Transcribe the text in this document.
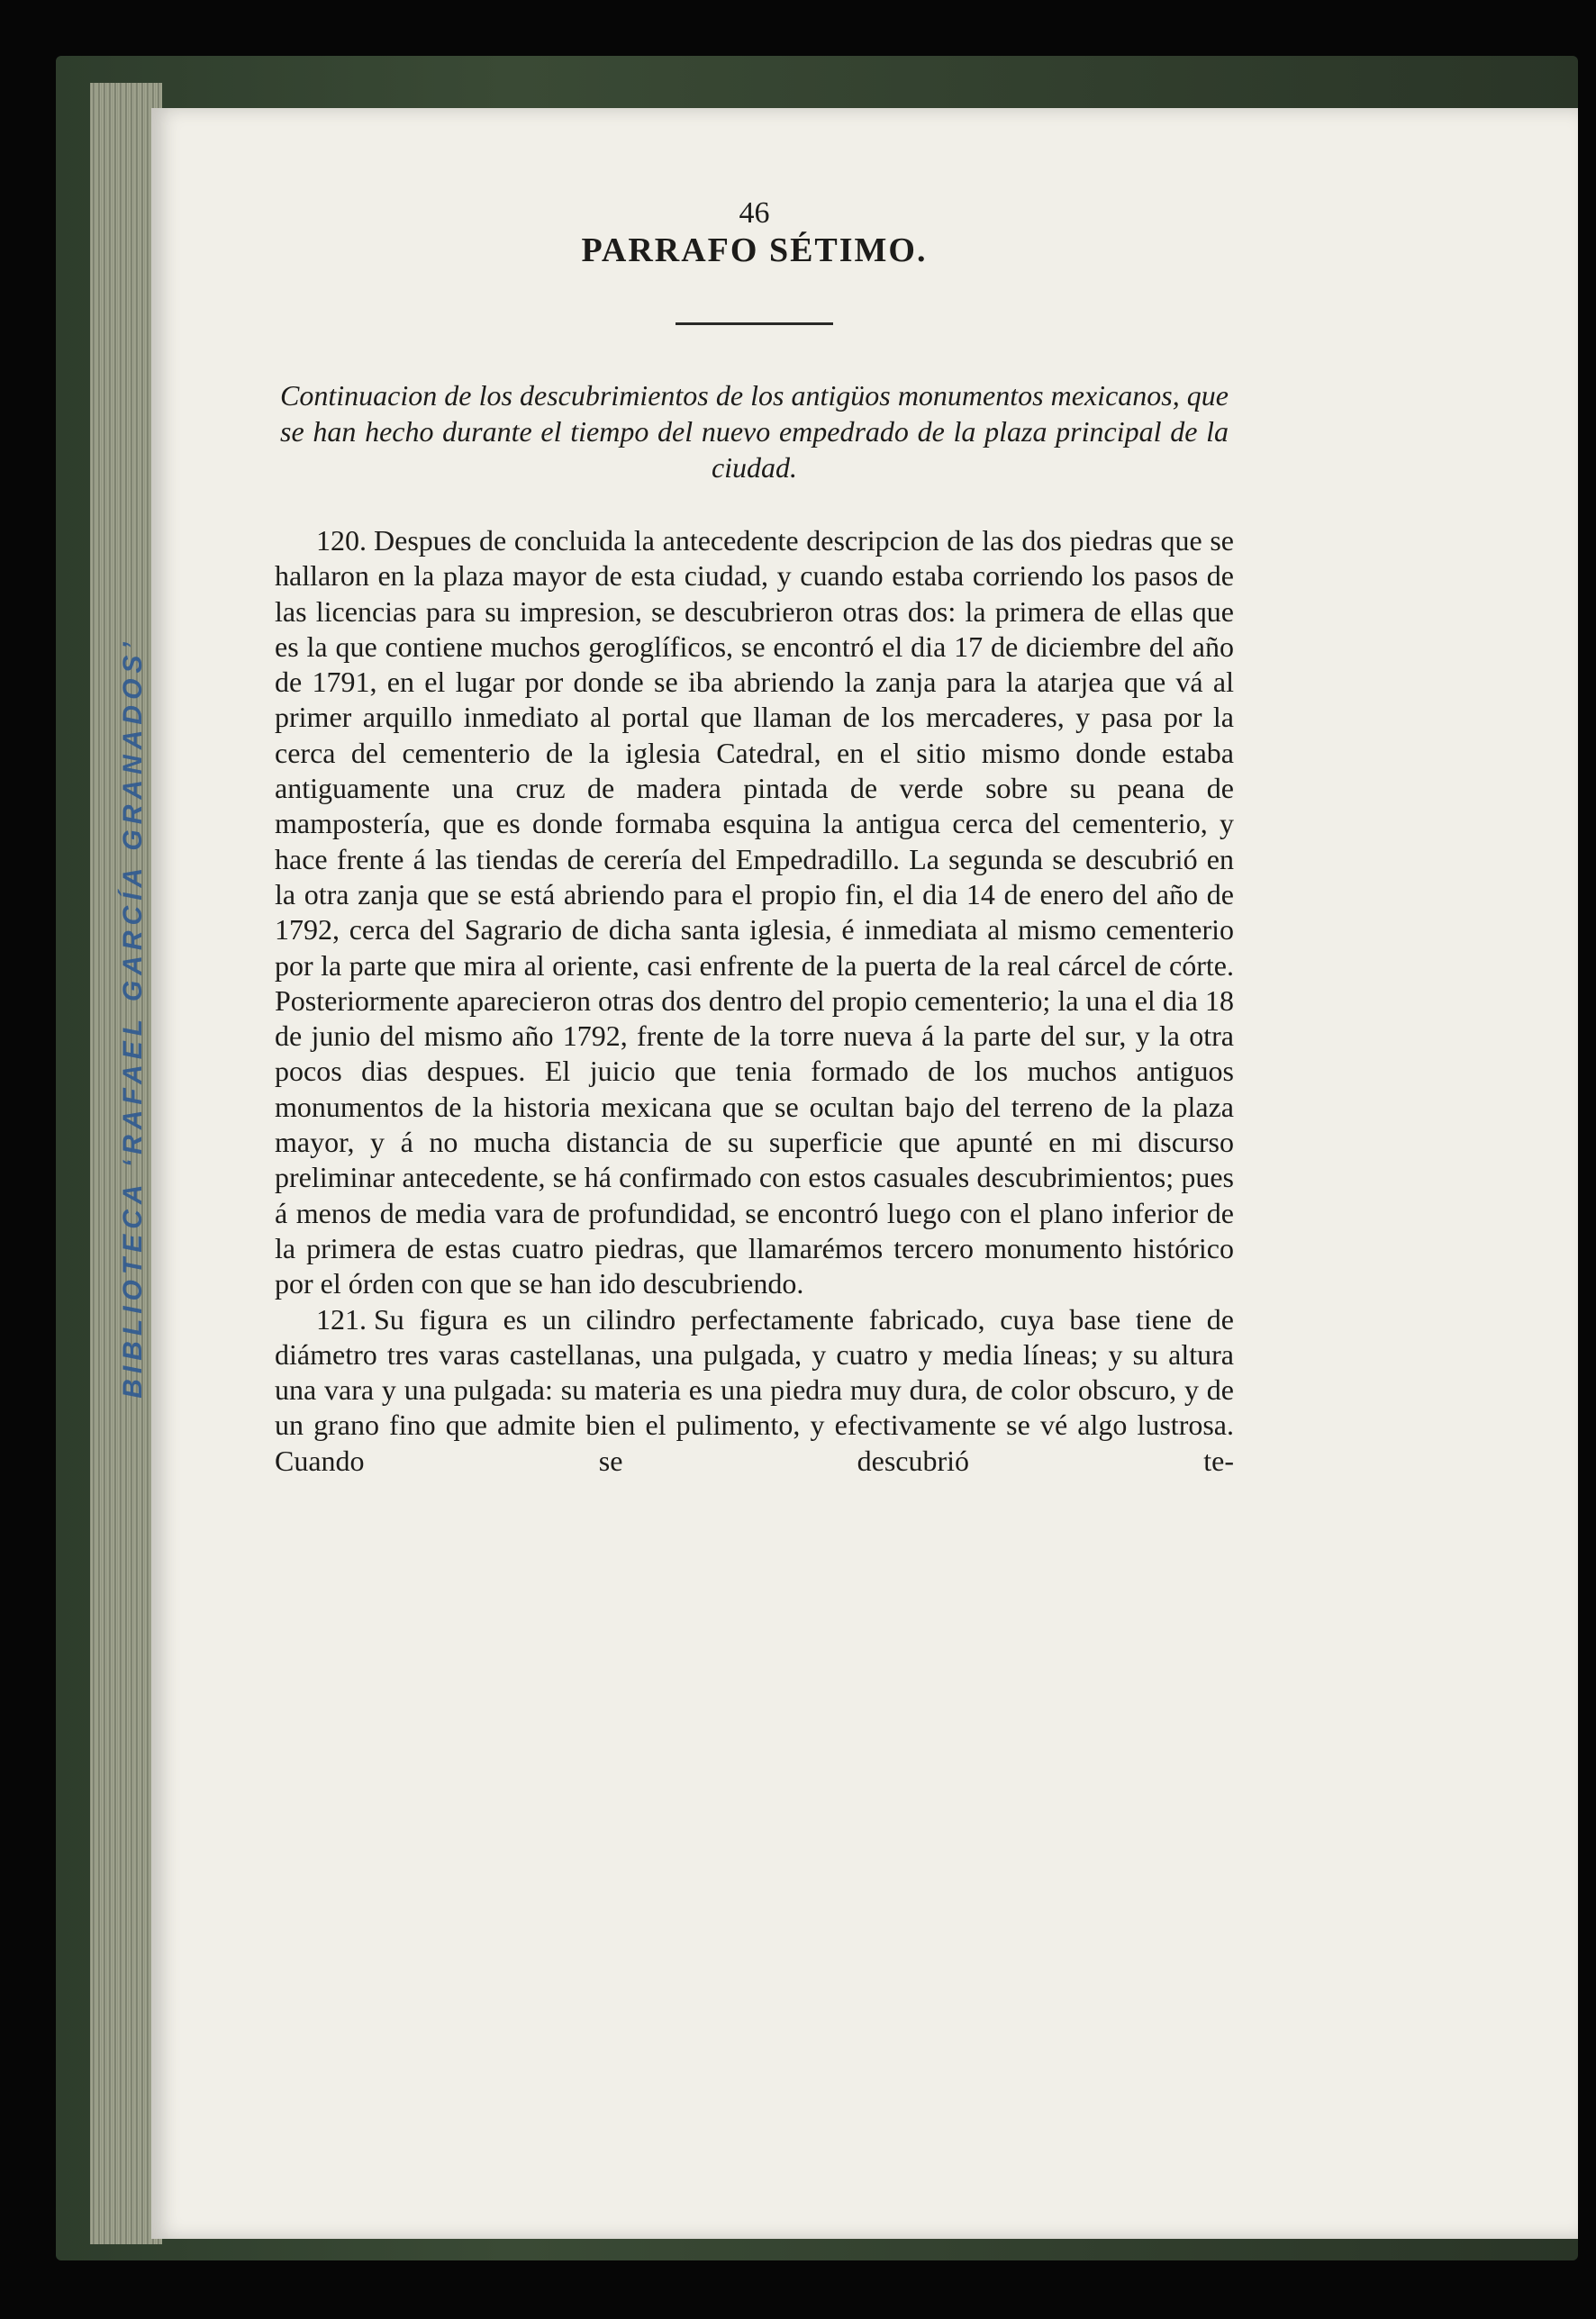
BIBLIOTECA ‘RAFAEL GARCÍA GRANADOS’

46

PARRAFO SÉTIMO.

Continuacion de los descubrimientos de los antigüos monumentos mexicanos, que se han hecho durante el tiempo del nuevo empedrado de la plaza principal de la ciudad.

120. Despues de concluida la antecedente descripcion de las dos piedras que se hallaron en la plaza mayor de esta ciudad, y cuando estaba corriendo los pasos de las licencias para su impresion, se descubrieron otras dos: la primera de ellas que es la que contiene muchos geroglíficos, se encontró el dia 17 de diciembre del año de 1791, en el lugar por donde se iba abriendo la zanja para la atarjea que vá al primer arquillo inmediato al portal que llaman de los mercaderes, y pasa por la cerca del cementerio de la iglesia Catedral, en el sitio mismo donde estaba antiguamente una cruz de madera pintada de verde sobre su peana de mampostería, que es donde formaba esquina la antigua cerca del cementerio, y hace frente á las tiendas de cerería del Empedradillo. La segunda se descubrió en la otra zanja que se está abriendo para el propio fin, el dia 14 de enero del año de 1792, cerca del Sagrario de dicha santa iglesia, é inmediata al mismo cementerio por la parte que mira al oriente, casi enfrente de la puerta de la real cárcel de córte. Posteriormente aparecieron otras dos dentro del propio cementerio; la una el dia 18 de junio del mismo año 1792, frente de la torre nueva á la parte del sur, y la otra pocos dias despues. El juicio que tenia formado de los muchos antiguos monumentos de la historia mexicana que se ocultan bajo del terreno de la plaza mayor, y á no mucha distancia de su superficie que apunté en mi discurso preliminar antecedente, se há confirmado con estos casuales descubrimientos; pues á menos de media vara de profundidad, se encontró luego con el plano inferior de la primera de estas cuatro piedras, que llamarémos tercero monumento histórico por el órden con que se han ido descubriendo.

121. Su figura es un cilindro perfectamente fabricado, cuya base tiene de diámetro tres varas castellanas, una pulgada, y cuatro y media líneas; y su altura una vara y una pulgada: su materia es una piedra muy dura, de color obscuro, y de un grano fino que admite bien el pulimento, y efectivamente se vé algo lustrosa. Cuando se descubrió te-
